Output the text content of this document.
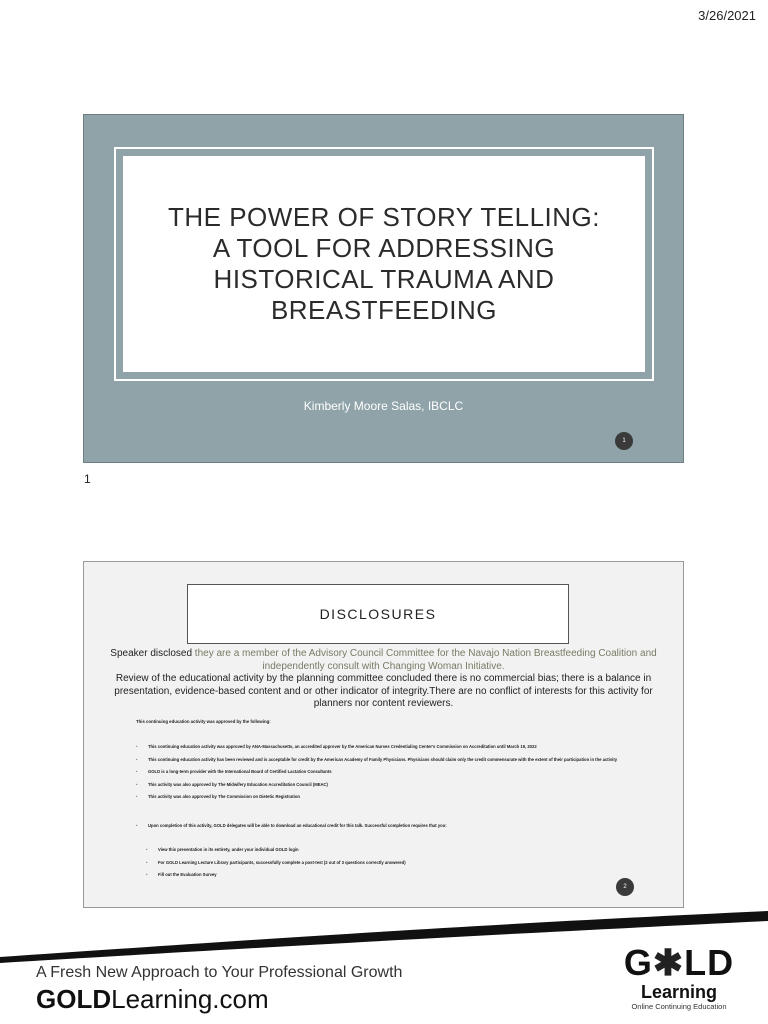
3/26/2021
THE POWER OF STORY TELLING:
A TOOL FOR ADDRESSING
HISTORICAL TRAUMA AND
BREASTFEEDING
Kimberly Moore Salas, IBCLC
1
1
DISCLOSURES
Speaker disclosed they are a member of the Advisory Council Committee for the Navajo Nation Breastfeeding Coalition and independently consult with Changing Woman Initiative.
Review of the educational activity by the planning committee concluded there is no commercial bias; there is a balance in presentation, evidence-based content and or other indicator of integrity.There are no conflict of interests for this activity for planners nor content reviewers.
This continuing education activity was approved by the following:
• This continuing education activity was approved by ANA-Massachusetts, an accredited approver by the American Nurses Credentialing Center's Commission on Accreditation until March 19, 2022
• This continuing education activity has been reviewed and is acceptable for credit by the American Academy of Family Physicians. Physicians should claim only the credit commensurate with the extent of their participation in the activity
• GOLD is a long-term provider with the International Board of Certified Lactation Consultants
• This activity was also approved by The Midwifery Education Accreditation Council (MEAC)
• This activity was also approved by The Commission on Dietetic Registration
• Upon completion of this activity, GOLD delegates will be able to download an educational credit for this talk. Successful completion requires that you:
• View this presentation in its entirety, under your individual GOLD login
• For GOLD Learning Lecture Library participants, successfully complete a post-test (2 out of 3 questions correctly answered)
• Fill out the Evaluation Survey
2
A Fresh New Approach to Your Professional Growth
GOLDLearning.com
G✱LD
Learning
Online Continuing Education
